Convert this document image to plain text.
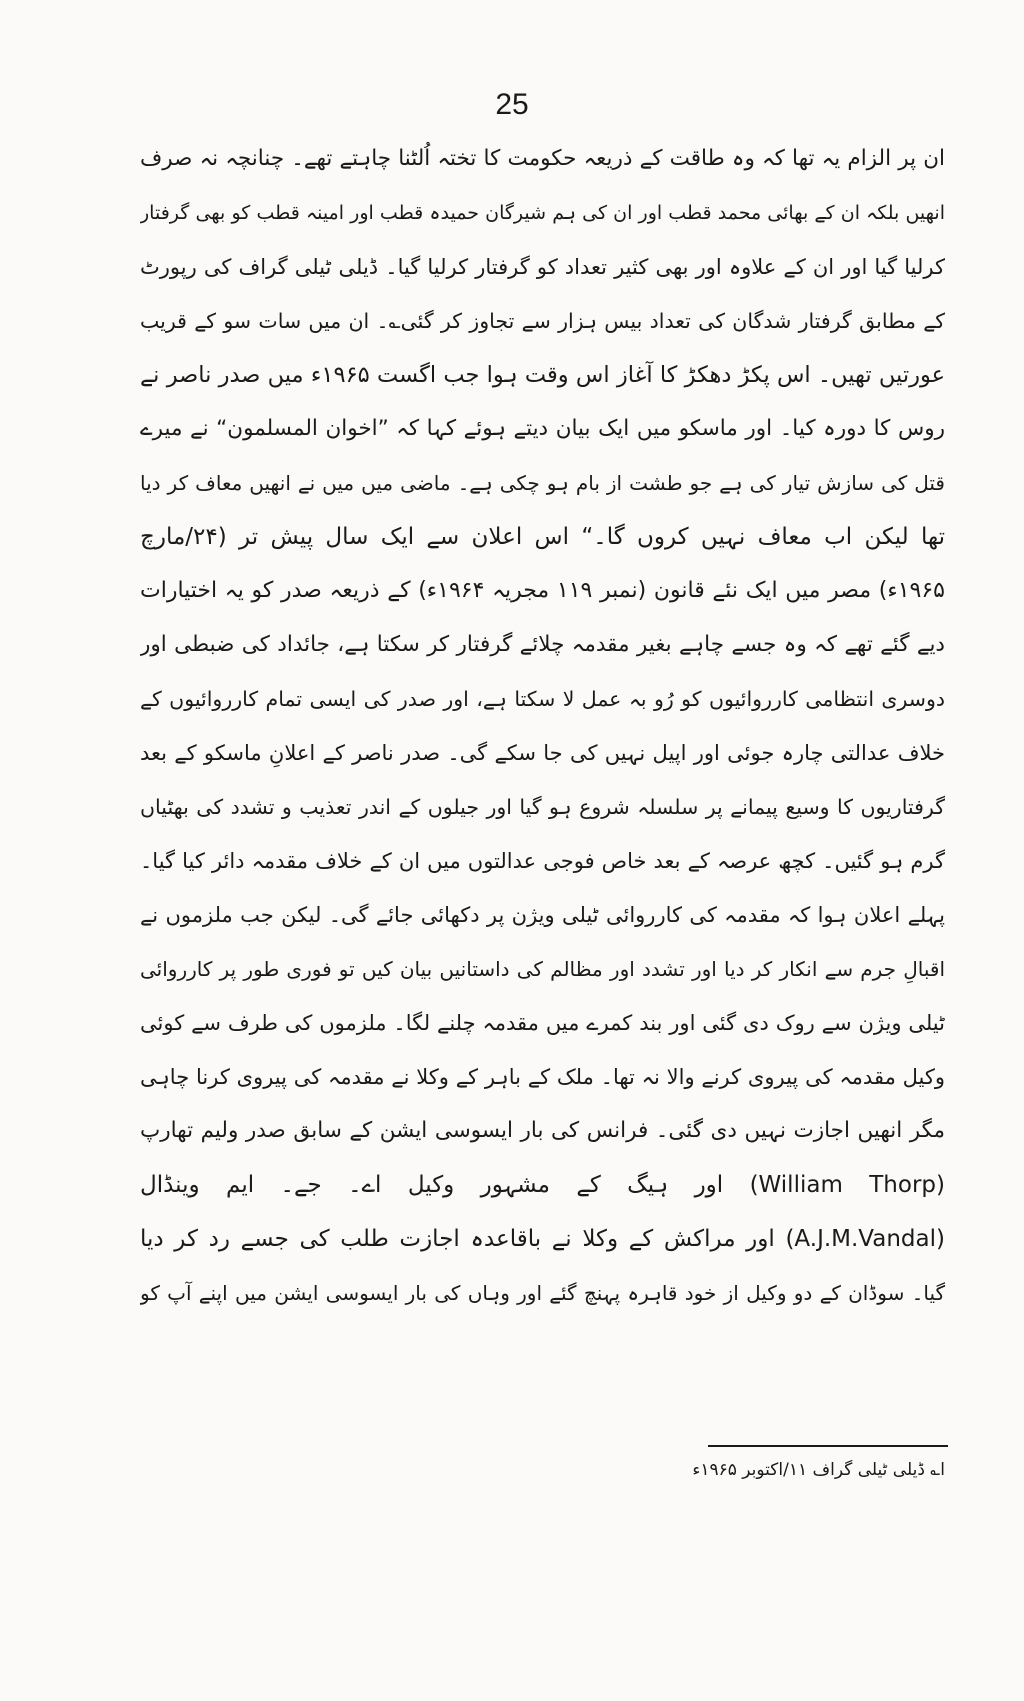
25
ان پر الزام یہ تھا کہ وہ طاقت کے ذریعہ حکومت کا تختہ اُلٹنا چاہتے تھے۔ چنانچہ نہ صرف
انھیں بلکہ ان کے بھائی محمد قطب اور ان کی ہم شیرگان حمیدہ قطب اور امینہ قطب کو بھی گرفتار
کرلیا گیا اور ان کے علاوہ اور بھی کثیر تعداد کو گرفتار کرلیا گیا۔ ڈیلی ٹیلی گراف کی رپورٹ
کے مطابق گرفتار شدگان کی تعداد بیس ہزار سے تجاوز کر گئی؎۔ ان میں سات سو کے قریب
عورتیں تھیں۔ اس پکڑ دھکڑ کا آغاز اس وقت ہوا جب اگست ۱۹۶۵ء میں صدر ناصر نے
روس کا دورہ کیا۔ اور ماسکو میں ایک بیان دیتے ہوئے کہا کہ ”اخوان المسلمون“ نے میرے
قتل کی سازش تیار کی ہے جو طشت از بام ہو چکی ہے۔ ماضی میں میں نے انھیں معاف کر دیا
تھا لیکن اب معاف نہیں کروں گا۔“ اس اعلان سے ایک سال پیش تر (۲۴/مارچ
۱۹۶۵ء) مصر میں ایک نئے قانون (نمبر ۱۱۹ مجریہ ۱۹۶۴ء) کے ذریعہ صدر کو یہ اختیارات
دیے گئے تھے کہ وہ جسے چاہے بغیر مقدمہ چلائے گرفتار کر سکتا ہے، جائداد کی ضبطی اور
دوسری انتظامی کارروائیوں کو رُو بہ عمل لا سکتا ہے، اور صدر کی ایسی تمام کارروائیوں کے
خلاف عدالتی چارہ جوئی اور اپیل نہیں کی جا سکے گی۔ صدر ناصر کے اعلانِ ماسکو کے بعد
گرفتاریوں کا وسیع پیمانے پر سلسلہ شروع ہو گیا اور جیلوں کے اندر تعذیب و تشدد کی بھٹیاں
گرم ہو گئیں۔ کچھ عرصہ کے بعد خاص فوجی عدالتوں میں ان کے خلاف مقدمہ دائر کیا گیا۔
پہلے اعلان ہوا کہ مقدمہ کی کارروائی ٹیلی ویژن پر دکھائی جائے گی۔ لیکن جب ملزموں نے
اقبالِ جرم سے انکار کر دیا اور تشدد اور مظالم کی داستانیں بیان کیں تو فوری طور پر کارروائی
ٹیلی ویژن سے روک دی گئی اور بند کمرے میں مقدمہ چلنے لگا۔ ملزموں کی طرف سے کوئی
وکیل مقدمہ کی پیروی کرنے والا نہ تھا۔ ملک کے باہر کے وکلا نے مقدمہ کی پیروی کرنا چاہی
مگر انھیں اجازت نہیں دی گئی۔ فرانس کی بار ایسوسی ایشن کے سابق صدر ولیم تھارپ
(William Thorp) اور ہیگ کے مشہور وکیل اے۔ جے۔ ایم وینڈال
(A.J.M.Vandal) اور مراکش کے وکلا نے باقاعدہ اجازت طلب کی جسے رد کر دیا
گیا۔ سوڈان کے دو وکیل از خود قاہرہ پہنچ گئے اور وہاں کی بار ایسوسی ایشن میں اپنے آپ کو
ا؎ ڈیلی ٹیلی گراف ۱۱/اکتوبر ۱۹۶۵ء
